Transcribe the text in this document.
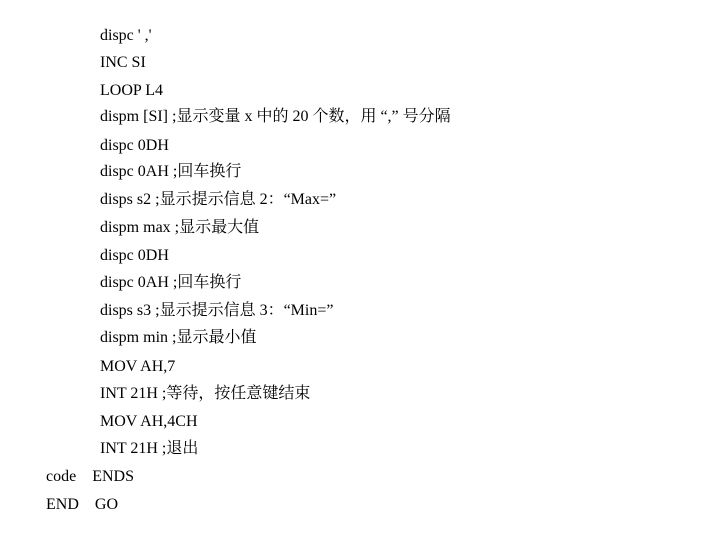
dispc ' ,'
INC SI
LOOP L4
dispm [SI] ;显示变量 x 中的 20 个数，用 “,” 号分隔
dispc 0DH
dispc 0AH ;回车换行
disps s2 ;显示提示信息 2：“Max=”
dispm max ;显示最大值
dispc 0DH
dispc 0AH ;回车换行
disps s3 ;显示提示信息 3：“Min=”
dispm min ;显示最小值
MOV AH,7
INT 21H ;等待，按任意键结束
MOV AH,4CH
INT 21H ;退出
code    ENDS
END    GO
